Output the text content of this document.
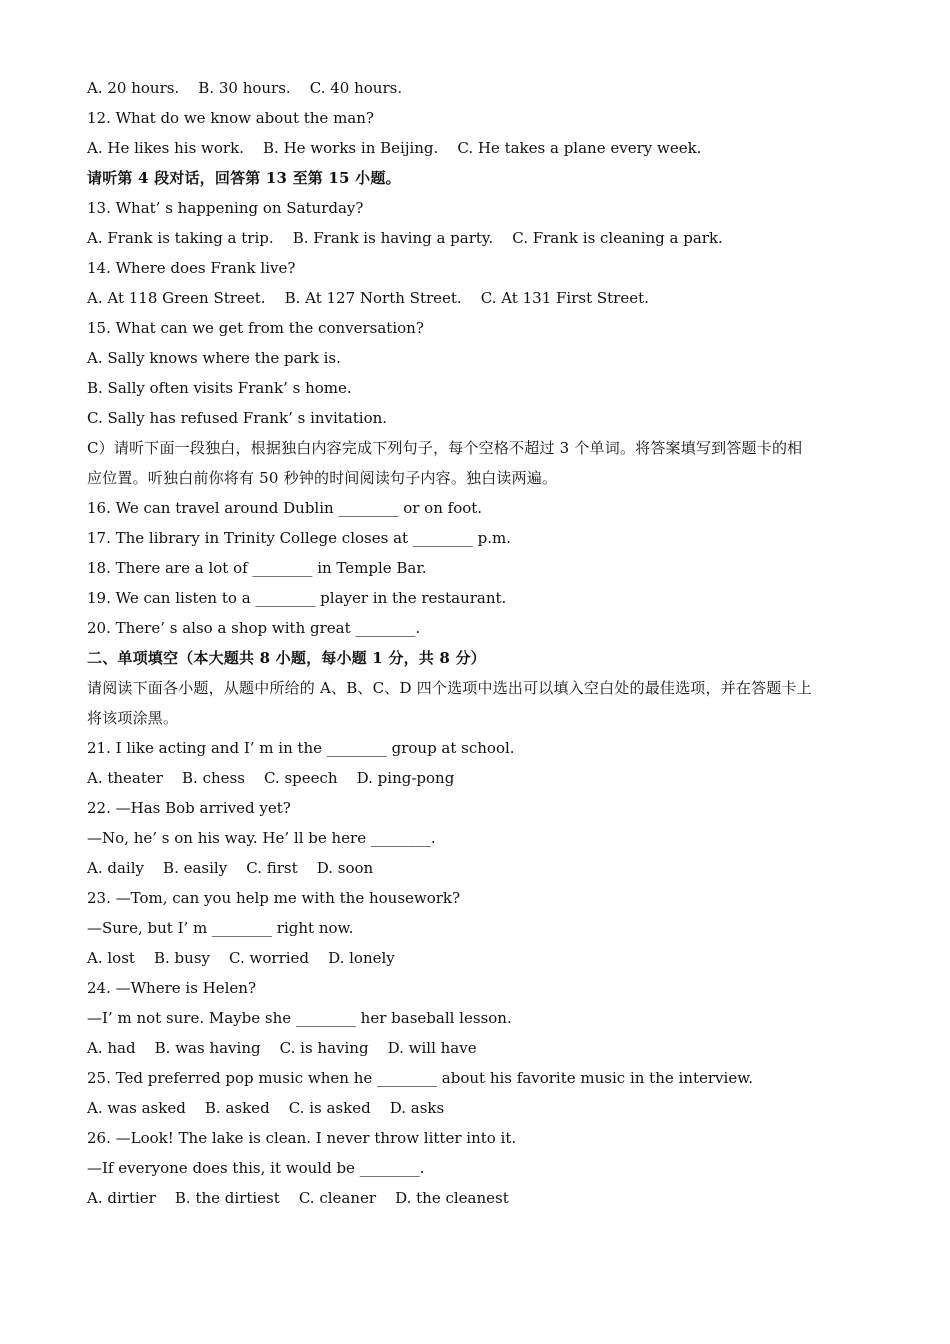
A. 20 hours.    B. 30 hours.    C. 40 hours.
12. What do we know about the man?
A. He likes his work.    B. He works in Beijing.    C. He takes a plane every week.
请听第 4 段对话，回答第 13 至第 15 小题。
13. What’ s happening on Saturday?
A. Frank is taking a trip.    B. Frank is having a party.    C. Frank is cleaning a park.
14. Where does Frank live?
A. At 118 Green Street.    B. At 127 North Street.    C. At 131 First Street.
15. What can we get from the conversation?
A. Sally knows where the park is.
B. Sally often visits Frank’ s home.
C. Sally has refused Frank’ s invitation.
C）请听下面一段独白，根据独白内容完成下列句子，每个空格不超过 3 个单词。将答案填写到答题卡的相
应位置。听独白前你将有 50 秒钟的时间阅读句子内容。独白读两遍。
16. We can travel around Dublin ________ or on foot.
17. The library in Trinity College closes at ________ p.m.
18. There are a lot of ________ in Temple Bar.
19. We can listen to a ________ player in the restaurant.
20. There’ s also a shop with great ________.
二、单项填空（本大题共 8 小题，每小题 1 分，共 8 分）
请阅读下面各小题，从题中所给的 A、B、C、D 四个选项中选出可以填入空白处的最佳选项，并在答题卡上
将该项涂黑。
21. I like acting and I’ m in the ________ group at school.
A. theater    B. chess    C. speech    D. ping-pong
22. —Has Bob arrived yet?
—No, he’ s on his way. He’ ll be here ________.
A. daily    B. easily    C. first    D. soon
23. —Tom, can you help me with the housework?
—Sure, but I’ m ________ right now.
A. lost    B. busy    C. worried    D. lonely
24. —Where is Helen?
—I’ m not sure. Maybe she ________ her baseball lesson.
A. had    B. was having    C. is having    D. will have
25. Ted preferred pop music when he ________ about his favorite music in the interview.
A. was asked    B. asked    C. is asked    D. asks
26. —Look! The lake is clean. I never throw litter into it.
—If everyone does this, it would be ________.
A. dirtier    B. the dirtiest    C. cleaner    D. the cleanest
